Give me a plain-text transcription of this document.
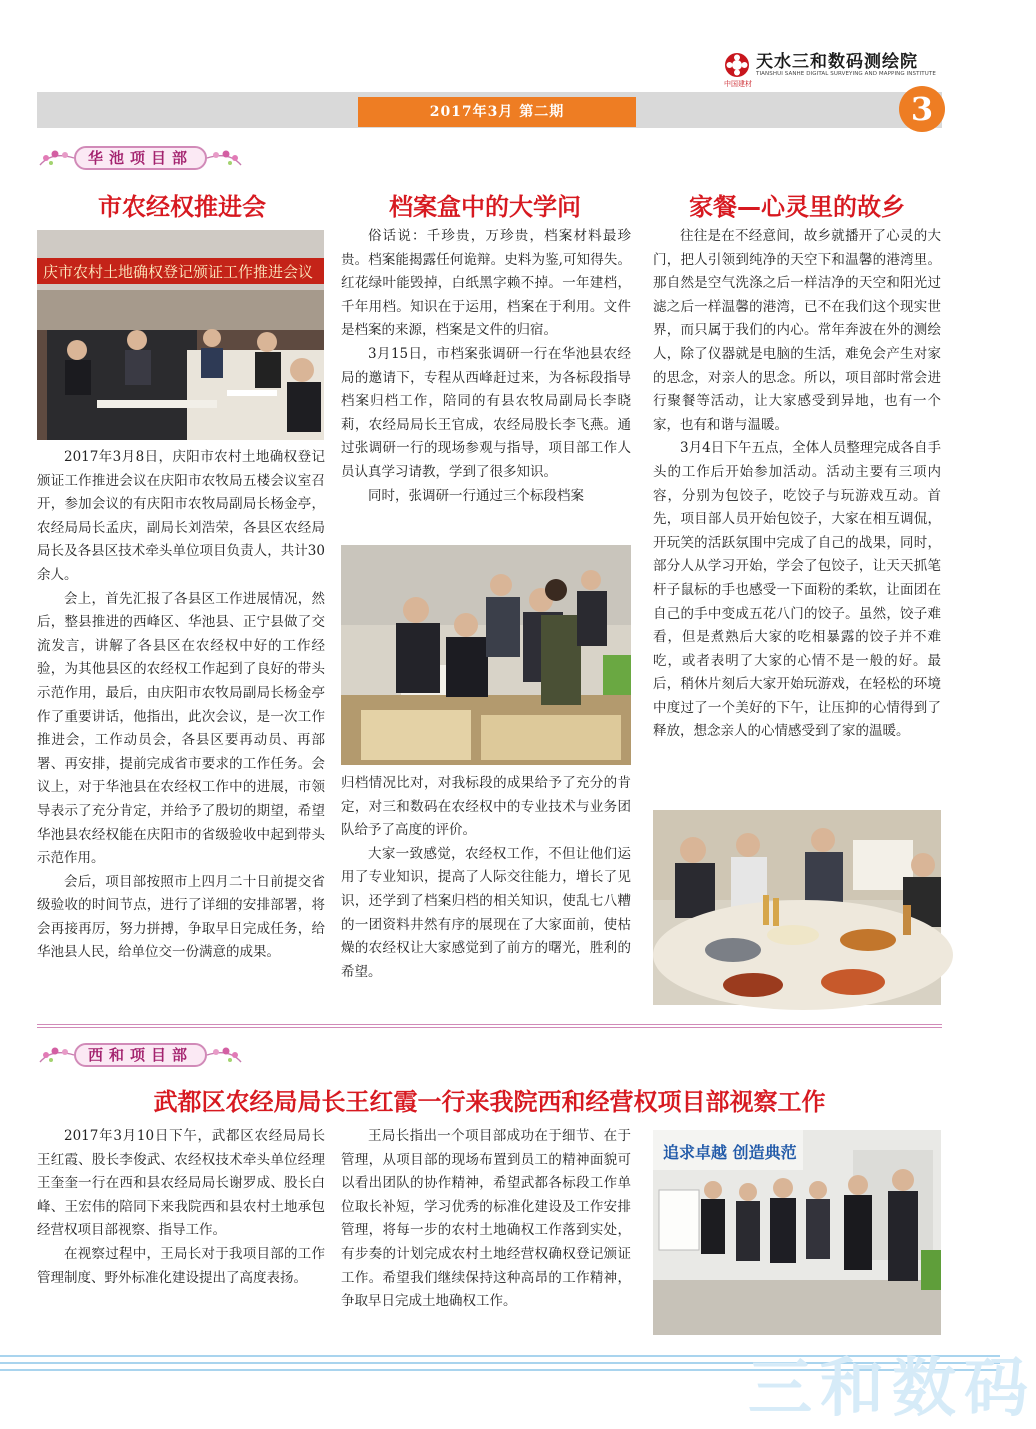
中国建材
天水三和数码测绘院
TIANSHUI SANHE DIGITAL SURVEYING AND MAPPING INSTITUTE
2017年3月 第二期	3
华池项目部
市农经权推进会	档案盒中的大学问	家餐—心灵里的故乡
庆市农村土地确权登记颁证工作推进会议

2017年3月8日，庆阳市农村土地确权登记颁证工作推进会议在庆阳市农牧局五楼会议室召开，参加会议的有庆阳市农牧局副局长杨金亭，农经局局长孟庆，副局长刘浩荣，各县区农经局局长及各县区技术牵头单位项目负责人，共计30余人。

会上，首先汇报了各县区工作进展情况，然后，整县推进的西峰区、华池县、正宁县做了交流发言，讲解了各县区在农经权中好的工作经验，为其他县区的农经权工作起到了良好的带头示范作用，最后，由庆阳市农牧局副局长杨金亭作了重要讲话，他指出，此次会议，是一次工作推进会，工作动员会，各县区要再动员、再部署、再安排，提前完成省市要求的工作任务。会议上，对于华池县在农经权工作中的进展，市领导表示了充分肯定，并给予了殷切的期望，希望华池县农经权能在庆阳市的省级验收中起到带头示范作用。

会后，项目部按照市上四月二十日前提交省级验收的时间节点，进行了详细的安排部署，将会再接再厉，努力拼搏，争取早日完成任务，给华池县人民，给单位交一份满意的成果。

俗话说：千珍贵，万珍贵，档案材料最珍贵。档案能揭露任何诡辩。史料为鉴,可知得失。红花绿叶能毁掉，白纸黑字赖不掉。一年建档，千年用档。知识在于运用，档案在于利用。文件是档案的来源，档案是文件的归宿。

3月15日，市档案张调研一行在华池县农经局的邀请下，专程从西峰赶过来，为各标段指导档案归档工作，陪同的有县农牧局副局长李晓莉，农经局局长王官成，农经局股长李飞燕。通过张调研一行的现场参观与指导，项目部工作人员认真学习请教，学到了很多知识。

同时，张调研一行通过三个标段档案

归档情况比对，对我标段的成果给予了充分的肯定，对三和数码在农经权中的专业技术与业务团队给予了高度的评价。

大家一致感觉，农经权工作，不但让他们运用了专业知识，提高了人际交往能力，增长了见识，还学到了档案归档的相关知识，使乱七八糟的一团资料井然有序的展现在了大家面前，使枯燥的农经权让大家感觉到了前方的曙光，胜利的希望。

往往是在不经意间，故乡就播开了心灵的大门，把人引领到纯净的天空下和温馨的港湾里。那自然是空气洗涤之后一样洁净的天空和阳光过滤之后一样温馨的港湾，已不在我们这个现实世界，而只属于我们的内心。常年奔波在外的测绘人，除了仪器就是电脑的生活，难免会产生对家的思念，对亲人的思念。所以，项目部时常会进行聚餐等活动，让大家感受到异地，也有一个家，也有和谐与温暖。

3月4日下午五点，全体人员整理完成各自手头的工作后开始参加活动。活动主要有三项内容，分别为包饺子，吃饺子与玩游戏互动。首先，项目部人员开始包饺子，大家在相互调侃，开玩笑的活跃氛围中完成了自己的战果，同时，部分人从学习开始，学会了包饺子，让天天抓笔杆子鼠标的手也感受一下面粉的柔软，让面团在自己的手中变成五花八门的饺子。虽然，饺子难看，但是煮熟后大家的吃相暴露的饺子并不难吃，或者表明了大家的心情不是一般的好。最后，稍休片刻后大家开始玩游戏，在轻松的环境中度过了一个美好的下午，让压抑的心情得到了释放，想念亲人的心情感受到了家的温暖。

西和项目部
武都区农经局局长王红霞一行来我院西和经营权项目部视察工作

2017年3月10日下午，武都区农经局局长王红霞、股长李俊武、农经权技术牵头单位经理王奎奎一行在西和县农经局局长谢罗成、股长白峰、王宏伟的陪同下来我院西和县农村土地承包经营权项目部视察、指导工作。

在视察过程中，王局长对于我项目部的工作管理制度、野外标准化建设提出了高度表扬。

王局长指出一个项目部成功在于细节、在于管理，从项目部的现场布置到员工的精神面貌可以看出团队的协作精神，希望武都各标段工作单位取长补短，学习优秀的标准化建设及工作安排管理，将每一步的农村土地确权工作落到实处，有步奏的计划完成农村土地经营权确权登记颁证工作。希望我们继续保持这种高昂的工作精神，争取早日完成土地确权工作。

追求卓越 创造典范
三和数码
